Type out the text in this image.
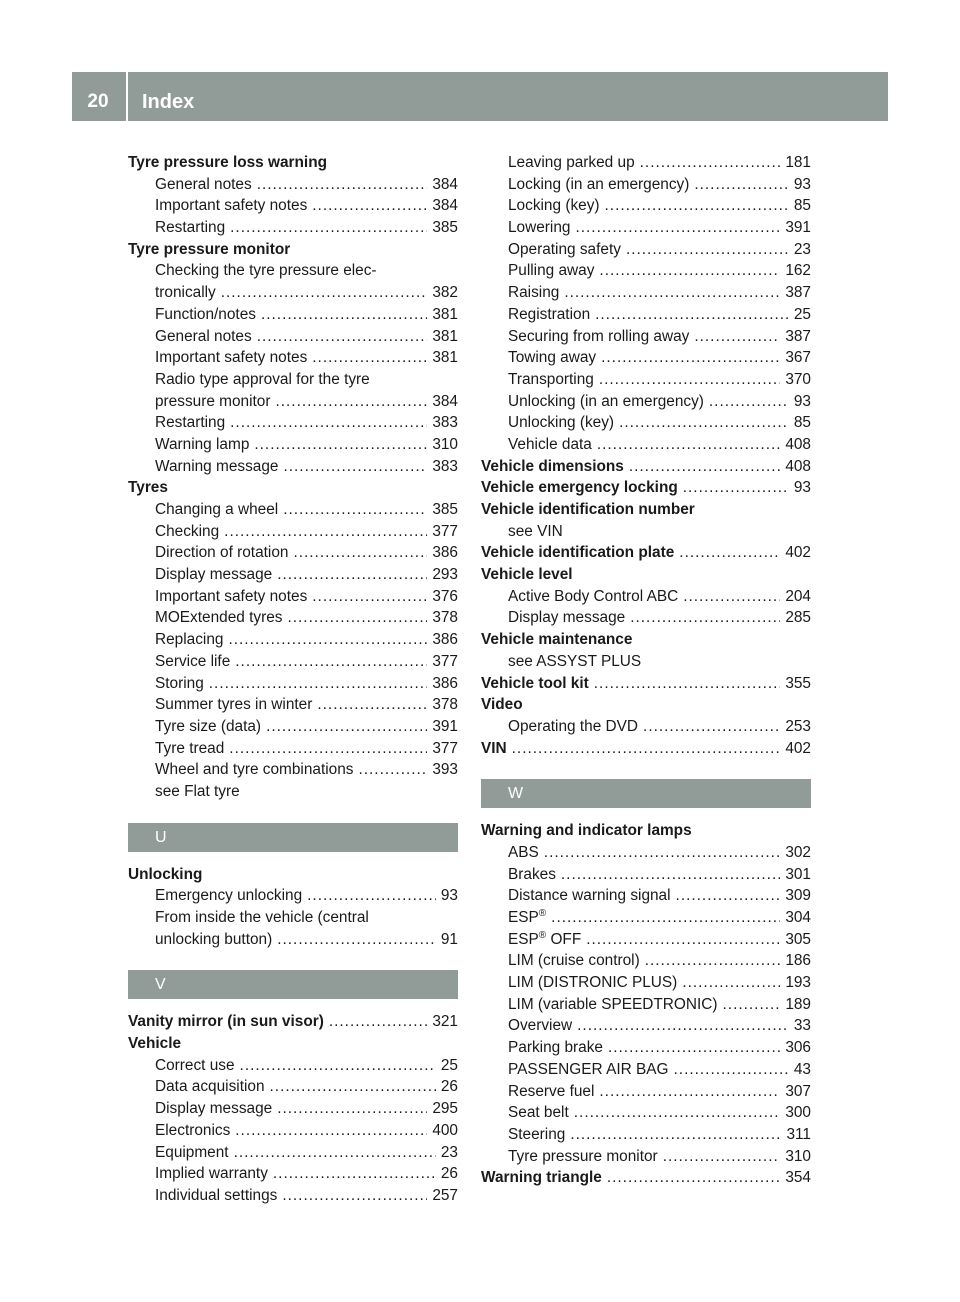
20	Index
Tyre pressure loss warning
General notes .....	384
Important safety notes .....	384
Restarting .....	385
Tyre pressure monitor
Checking the tyre pressure elec-
tronically .....	382
Function/notes .....	381
General notes .....	381
Important safety notes .....	381
Radio type approval for the tyre
pressure monitor .....	384
Restarting .....	383
Warning lamp .....	310
Warning message .....	383
Tyres
Changing a wheel .....	385
Checking .....	377
Direction of rotation .....	386
Display message .....	293
Important safety notes .....	376
MOExtended tyres .....	378
Replacing .....	386
Service life .....	377
Storing .....	386
Summer tyres in winter .....	378
Tyre size (data) .....	391
Tyre tread .....	377
Wheel and tyre combinations .....	393
see Flat tyre
U
Unlocking
Emergency unlocking .....	93
From inside the vehicle (central
unlocking button) .....	91
V
Vanity mirror (in sun visor) .....	321
Vehicle
Correct use .....	25
Data acquisition .....	26
Display message .....	295
Electronics .....	400
Equipment .....	23
Implied warranty .....	26
Individual settings .....	257
Leaving parked up .....	181
Locking (in an emergency) .....	93
Locking (key) .....	85
Lowering .....	391
Operating safety .....	23
Pulling away .....	162
Raising .....	387
Registration .....	25
Securing from rolling away .....	387
Towing away .....	367
Transporting .....	370
Unlocking (in an emergency) .....	93
Unlocking (key) .....	85
Vehicle data .....	408
Vehicle dimensions .....	408
Vehicle emergency locking .....	93
Vehicle identification number
see VIN
Vehicle identification plate .....	402
Vehicle level
Active Body Control ABC .....	204
Display message .....	285
Vehicle maintenance
see ASSYST PLUS
Vehicle tool kit .....	355
Video
Operating the DVD .....	253
VIN .....	402
W
Warning and indicator lamps
ABS .....	302
Brakes .....	301
Distance warning signal .....	309
ESP® .....	304
ESP® OFF .....	305
LIM (cruise control) .....	186
LIM (DISTRONIC PLUS) .....	193
LIM (variable SPEEDTRONIC) .....	189
Overview .....	33
Parking brake .....	306
PASSENGER AIR BAG .....	43
Reserve fuel .....	307
Seat belt .....	300
Steering .....	311
Tyre pressure monitor .....	310
Warning triangle .....	354
